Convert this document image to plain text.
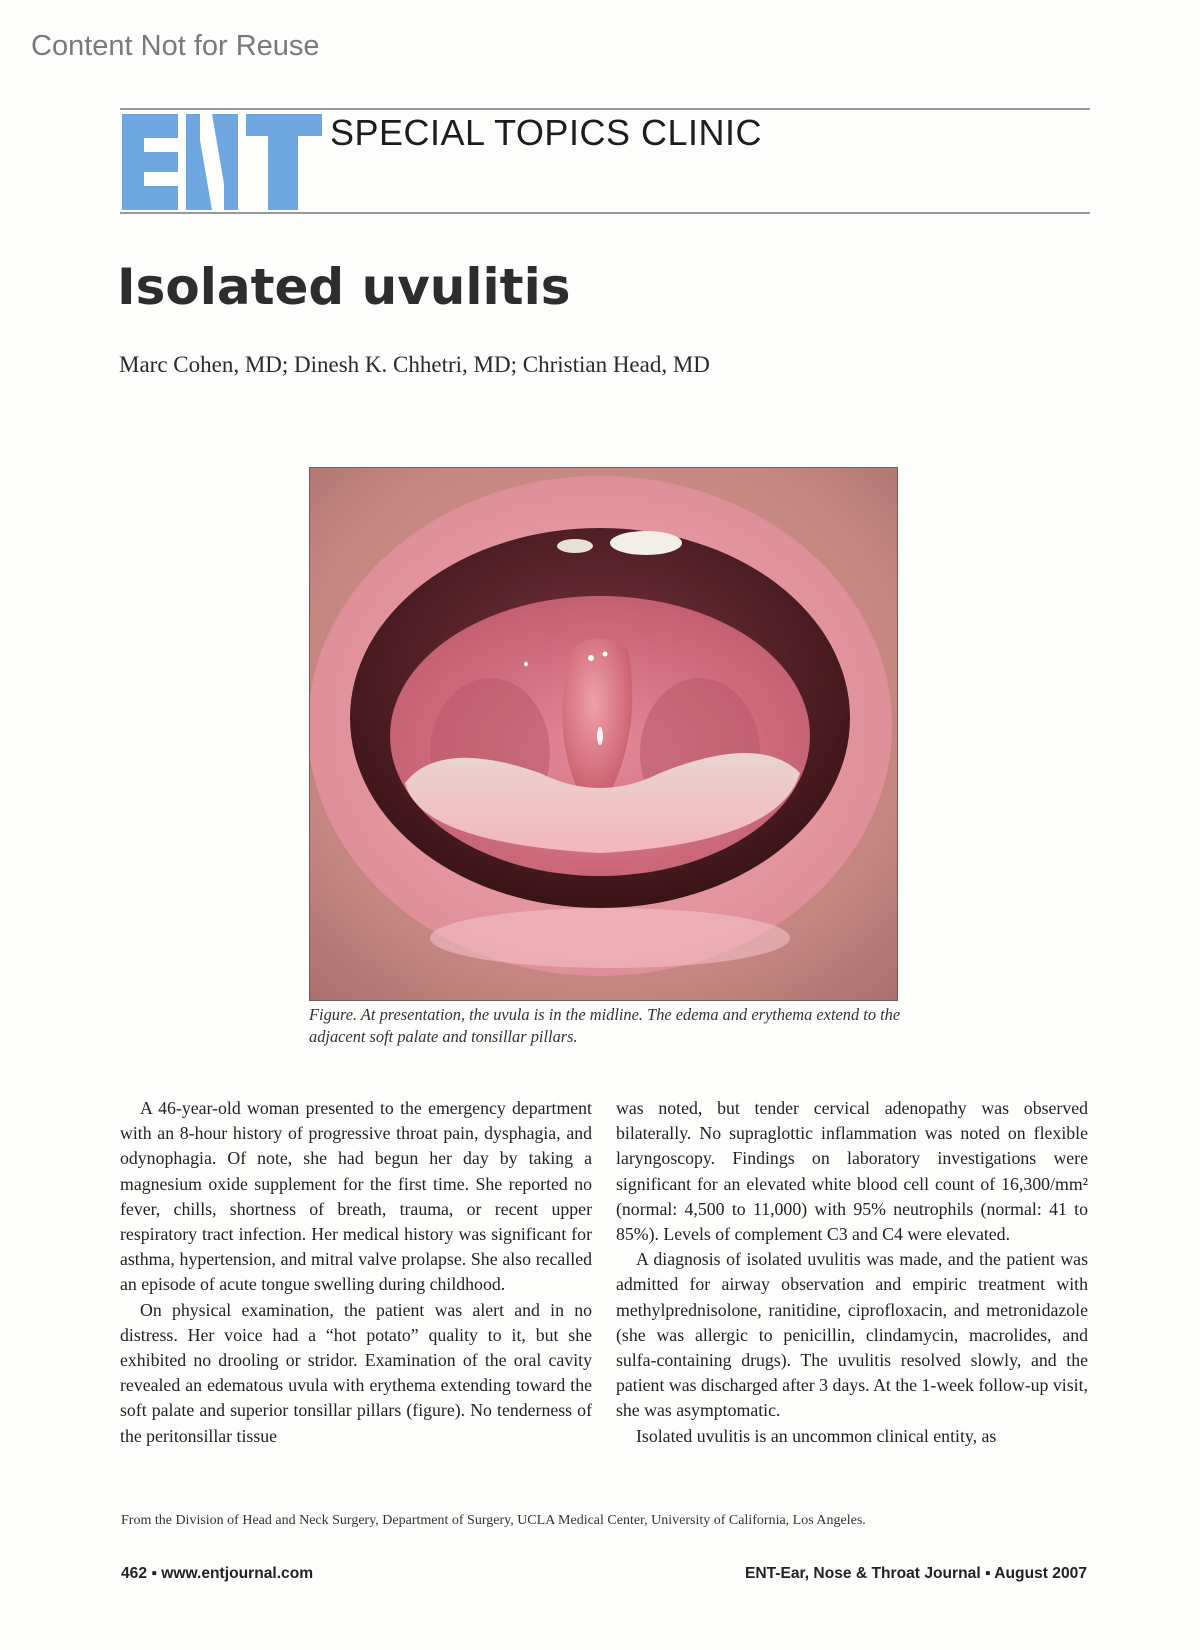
Content Not for Reuse
SPECIAL TOPICS CLINIC
Isolated uvulitis
Marc Cohen, MD; Dinesh K. Chhetri, MD; Christian Head, MD
Figure. At presentation, the uvula is in the midline. The edema and erythema extend to the adjacent soft palate and tonsillar pillars.

A 46-year-old woman presented to the emergency department with an 8-hour history of progressive throat pain, dysphagia, and odynophagia. Of note, she had begun her day by taking a magnesium oxide supplement for the first time. She reported no fever, chills, shortness of breath, trauma, or recent upper respiratory tract infection. Her medical history was significant for asthma, hypertension, and mitral valve prolapse. She also recalled an episode of acute tongue swelling during childhood.

On physical examination, the patient was alert and in no distress. Her voice had a “hot potato” quality to it, but she exhibited no drooling or stridor. Examination of the oral cavity revealed an edematous uvula with erythema extending toward the soft palate and superior tonsillar pillars (figure). No tenderness of the peritonsillar tissue

was noted, but tender cervical adenopathy was observed bilaterally. No supraglottic inflammation was noted on flexible laryngoscopy. Findings on laboratory investigations were significant for an elevated white blood cell count of 16,300/mm² (normal: 4,500 to 11,000) with 95% neutrophils (normal: 41 to 85%). Levels of complement C3 and C4 were elevated.

A diagnosis of isolated uvulitis was made, and the patient was admitted for airway observation and empiric treatment with methylprednisolone, ranitidine, ciprofloxacin, and metronidazole (she was allergic to penicillin, clindamycin, macrolides, and sulfa-containing drugs). The uvulitis resolved slowly, and the patient was discharged after 3 days. At the 1-week follow-up visit, she was asymptomatic.

Isolated uvulitis is an uncommon clinical entity, as

From the Division of Head and Neck Surgery, Department of Surgery, UCLA Medical Center, University of California, Los Angeles.
462 ▪ www.entjournal.com	ENT-Ear, Nose & Throat Journal ▪ August 2007
